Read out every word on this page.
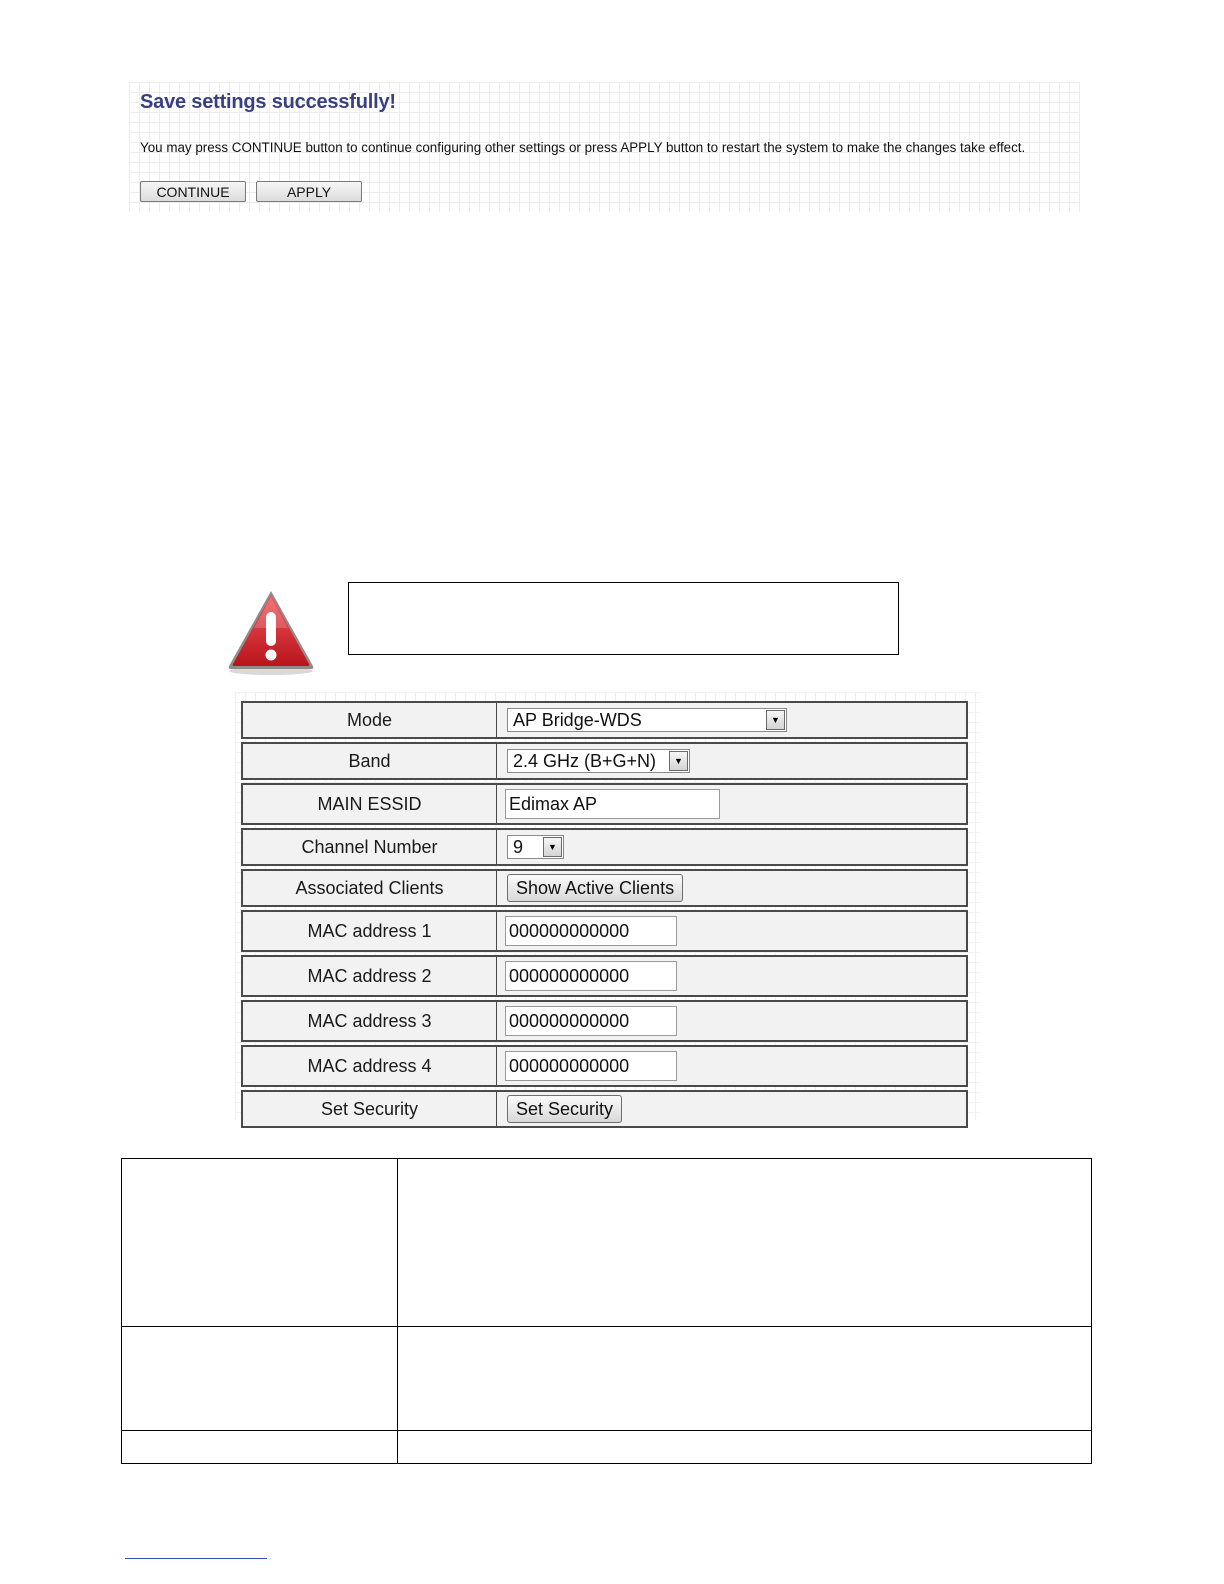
Save settings successfully!
You may press CONTINUE button to continue configuring other settings or press APPLY button to restart the system to make the changes take effect.
CONTINUE	APPLY
Mode	AP Bridge-WDS ▼

Band	2.4 GHz (B+G+N) ▼

MAIN ESSID	Edimax AP
Channel Number	9 ▼

Associated Clients	Show Active Clients
MAC address 1	000000000000
MAC address 2	000000000000
MAC address 3	000000000000
MAC address 4	000000000000
Set Security	Set Security
